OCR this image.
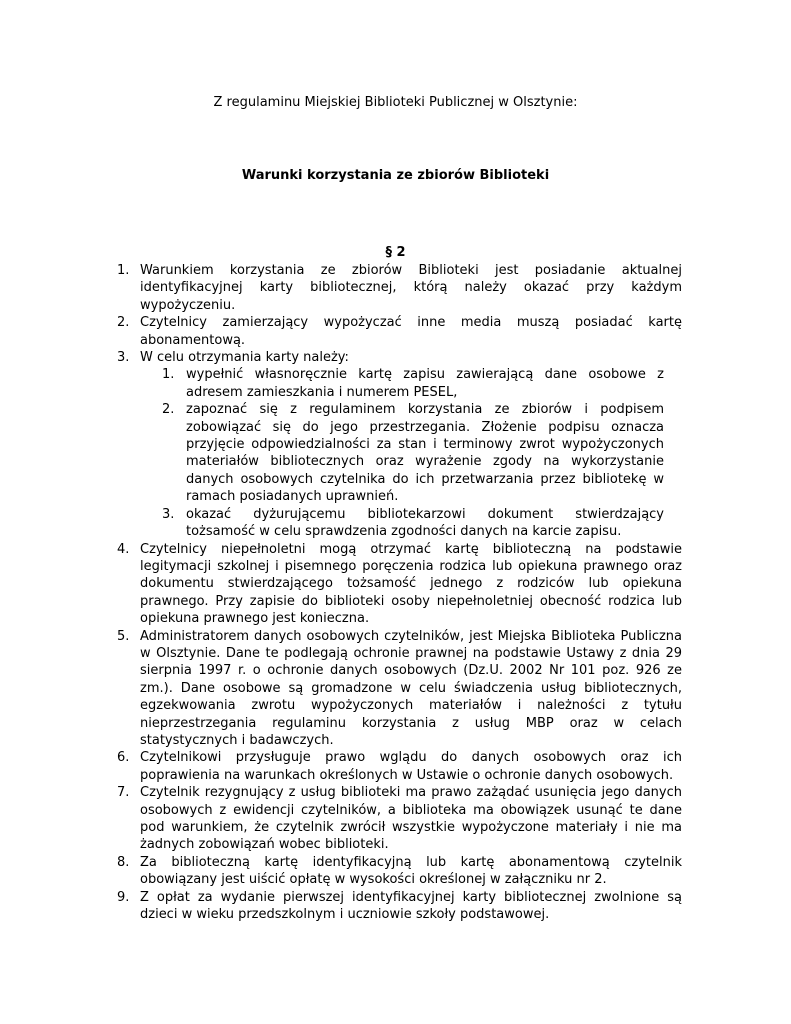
Z regulaminu Miejskiej Biblioteki Publicznej w Olsztynie:
Warunki korzystania ze zbiorów Biblioteki
§ 2
1. Warunkiem korzystania ze zbiorów Biblioteki jest posiadanie aktualnej identyfikacyjnej karty bibliotecznej, którą należy okazać przy każdym wypożyczeniu.
2. Czytelnicy zamierzający wypożyczać inne media muszą posiadać kartę abonamentową.
3. W celu otrzymania karty należy:
1. wypełnić własnoręcznie kartę zapisu zawierającą dane osobowe z adresem zamieszkania i numerem PESEL,
2. zapoznać się z regulaminem korzystania ze zbiorów i podpisem zobowiązać się do jego przestrzegania. Złożenie podpisu oznacza przyjęcie odpowiedzialności za stan i terminowy zwrot wypożyczonych materiałów bibliotecznych oraz wyrażenie zgody na wykorzystanie danych osobowych czytelnika do ich przetwarzania przez bibliotekę w ramach posiadanych uprawnień.
3. okazać dyżurującemu bibliotekarzowi dokument stwierdzający tożsamość w celu sprawdzenia zgodności danych na karcie zapisu.
4. Czytelnicy niepełnoletni mogą otrzymać kartę biblioteczną na podstawie legitymacji szkolnej i pisemnego poręczenia rodzica lub opiekuna prawnego oraz dokumentu stwierdzającego tożsamość jednego z rodziców lub opiekuna prawnego. Przy zapisie do biblioteki osoby niepełnoletniej obecność rodzica lub opiekuna prawnego jest konieczna.
5. Administratorem danych osobowych czytelników, jest Miejska Biblioteka Publiczna w Olsztynie. Dane te podlegają ochronie prawnej na podstawie Ustawy z dnia 29 sierpnia 1997 r. o ochronie danych osobowych (Dz.U. 2002 Nr 101 poz. 926 ze zm.). Dane osobowe są gromadzone w celu świadczenia usług bibliotecznych, egzekwowania zwrotu wypożyczonych materiałów i należności z tytułu nieprzestrzegania regulaminu korzystania z usług MBP oraz w celach statystycznych i badawczych.
6. Czytelnikowi przysługuje prawo wglądu do danych osobowych oraz ich poprawienia na warunkach określonych w Ustawie o ochronie danych osobowych.
7. Czytelnik rezygnujący z usług biblioteki ma prawo zażądać usunięcia jego danych osobowych z ewidencji czytelników, a biblioteka ma obowiązek usunąć te dane pod warunkiem, że czytelnik zwrócił wszystkie wypożyczone materiały i nie ma żadnych zobowiązań wobec biblioteki.
8. Za biblioteczną kartę identyfikacyjną lub kartę abonamentową czytelnik obowiązany jest uiścić opłatę w wysokości określonej w załączniku nr 2.
9. Z opłat za wydanie pierwszej identyfikacyjnej karty bibliotecznej zwolnione są dzieci w wieku przedszkolnym i uczniowie szkoły podstawowej.
